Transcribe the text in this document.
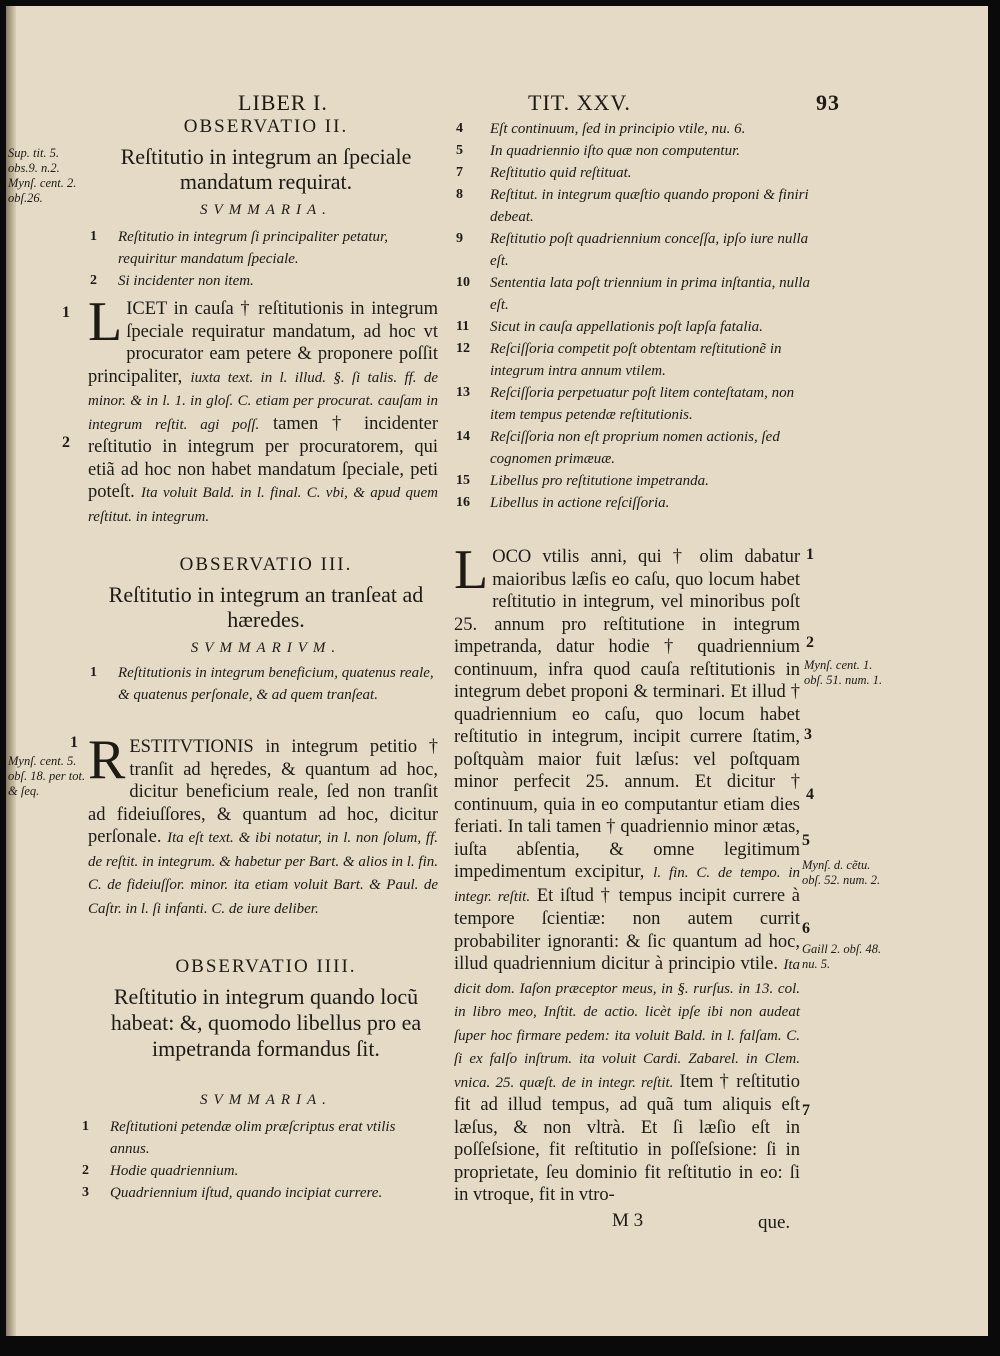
LIBER I.	TIT. XXV.	93
Sup. tit. 5. obs.9. n.2. Mynſ. cent. 2. obſ.26.
Mynſ. cent. 5. obſ. 18. per tot. & ſeq.
OBSERVATIO II.
Reſtitutio in integrum an ſpeciale mandatum requirat.
SVMMARIA.
1 Reſtitutio in integrum ſi principaliter petatur, requiritur mandatum ſpeciale.
2 Si incidenter non item.
1
2
LICET in cauſa † reſtitutionis in integrum ſpeciale requiratur mandatum, ad hoc vt procurator eam petere & proponere poſſit principaliter, iuxta text. in l. illud. §. ſi talis. ff. de minor. & in l. 1. in gloſ. C. etiam per procurat. cauſam in integrum reſtit. agi poſſ. tamen † incidenter reſtitutio in integrum per procuratorem, qui etiã ad hoc non habet mandatum ſpeciale, peti poteſt. Ita voluit Bald. in l. final. C. vbi, & apud quem reſtitut. in integrum.
OBSERVATIO III.
Reſtitutio in integrum an tranſeat ad hæredes.
SVMMARIVM.
1 Reſtitutionis in integrum beneficium, quatenus reale, & quatenus perſonale, & ad quem tranſeat.
1 RESTITVTIONIS in integrum petitio † tranſit ad hęredes, & quantum ad hoc, dicitur beneficium reale, ſed non tranſit ad fideiuſſores, & quantum ad hoc, dicitur perſonale. Ita eſt text. & ibi notatur, in l. non ſolum, ff. de reſtit. in integrum. & habetur per Bart. & alios in l. fin. C. de fideiuſſor. minor. ita etiam voluit Bart. & Paul. de Caſtr. in l. ſi infanti. C. de iure deliber.
OBSERVATIO IIII.
Reſtitutio in integrum quando locũ habeat: &, quomodo libellus pro ea impetranda formandus ſit.
SVMMARIA.
1 Reſtitutioni petendæ olim præſcriptus erat vtilis annus.
2 Hodie quadriennium.
3 Quadriennium iſtud, quando incipiat currere.
4 Eſt continuum, ſed in principio vtile, nu. 6.
5 In quadriennio iſto quæ non computentur.
7 Reſtitutio quid reſtituat.
8 Reſtitut. in integrum quæſtio quando proponi & finiri debeat.
9 Reſtitutio poſt quadriennium conceſſa, ipſo iure nulla eſt.
10 Sententia lata poſt triennium in prima inſtantia, nulla eſt.
11 Sicut in cauſa appellationis poſt lapſa fatalia.
12 Reſciſſoria competit poſt obtentam reſtitutionẽ in integrum intra annum vtilem.
13 Reſciſſoria perpetuatur poſt litem conteſtatam, non item tempus petendæ reſtitutionis.
14 Reſciſſoria non eſt proprium nomen actionis, ſed cognomen primæuæ.
15 Libellus pro reſtitutione impetranda.
16 Libellus in actione reſciſſoria.
LOCO vtilis anni, qui † olim dabatur maioribus læſis eo caſu, quo locum habet reſtitutio in integrum, vel minoribus poſt 25. annum pro reſtitutione in integrum impetranda, datur hodie † quadriennium continuum, infra quod cauſa reſtitutionis in integrum debet proponi & terminari. Et illud † quadriennium eo caſu, quo locum habet reſtitutio in integrum, incipit currere ſtatim, poſtquàm maior fuit læſus: vel poſtquam minor perfecit 25. annum. Et dicitur † continuum, quia in eo computantur etiam dies feriati. In tali tamen † quadriennio minor ætas, iuſta abſentia, & omne legitimum impedimentum excipitur, l. fin. C. de tempo. in integr. reſtit. Et iſtud † tempus incipit currere à tempore ſcientiæ: non autem currit probabiliter ignoranti: & ſic quantum ad hoc, illud quadriennium dicitur à principio vtile. Ita dicit dom. Iaſon præceptor meus, in §. rurſus. in 13. col. in libro meo, Inſtit. de actio. licèt ipſe ibi non audeat ſuper hoc firmare pedem: ita voluit Bald. in l. falſam. C. ſi ex falſo inſtrum. ita voluit Cardi. Zabarel. in Clem. vnica. 25. quæſt. de in integr. reſtit. Item † reſtitutio fit ad illud tempus, ad quã tum aliquis eſt læſus, & non vltrà. Et ſi læſio eſt in poſſeſsione, fit reſtitutio in poſſeſsione: ſi in proprietate, ſeu dominio fit reſtitutio in eo: ſi in vtroque, fit in vtro-
1
2
3
4
5
6
7
Mynſ. cent. 1. obſ. 51. num. 1.
Mynſ. d. cẽtu. obſ. 52. num. 2.
Gaill 2. obſ. 48. nu. 5.
M 3	que.
